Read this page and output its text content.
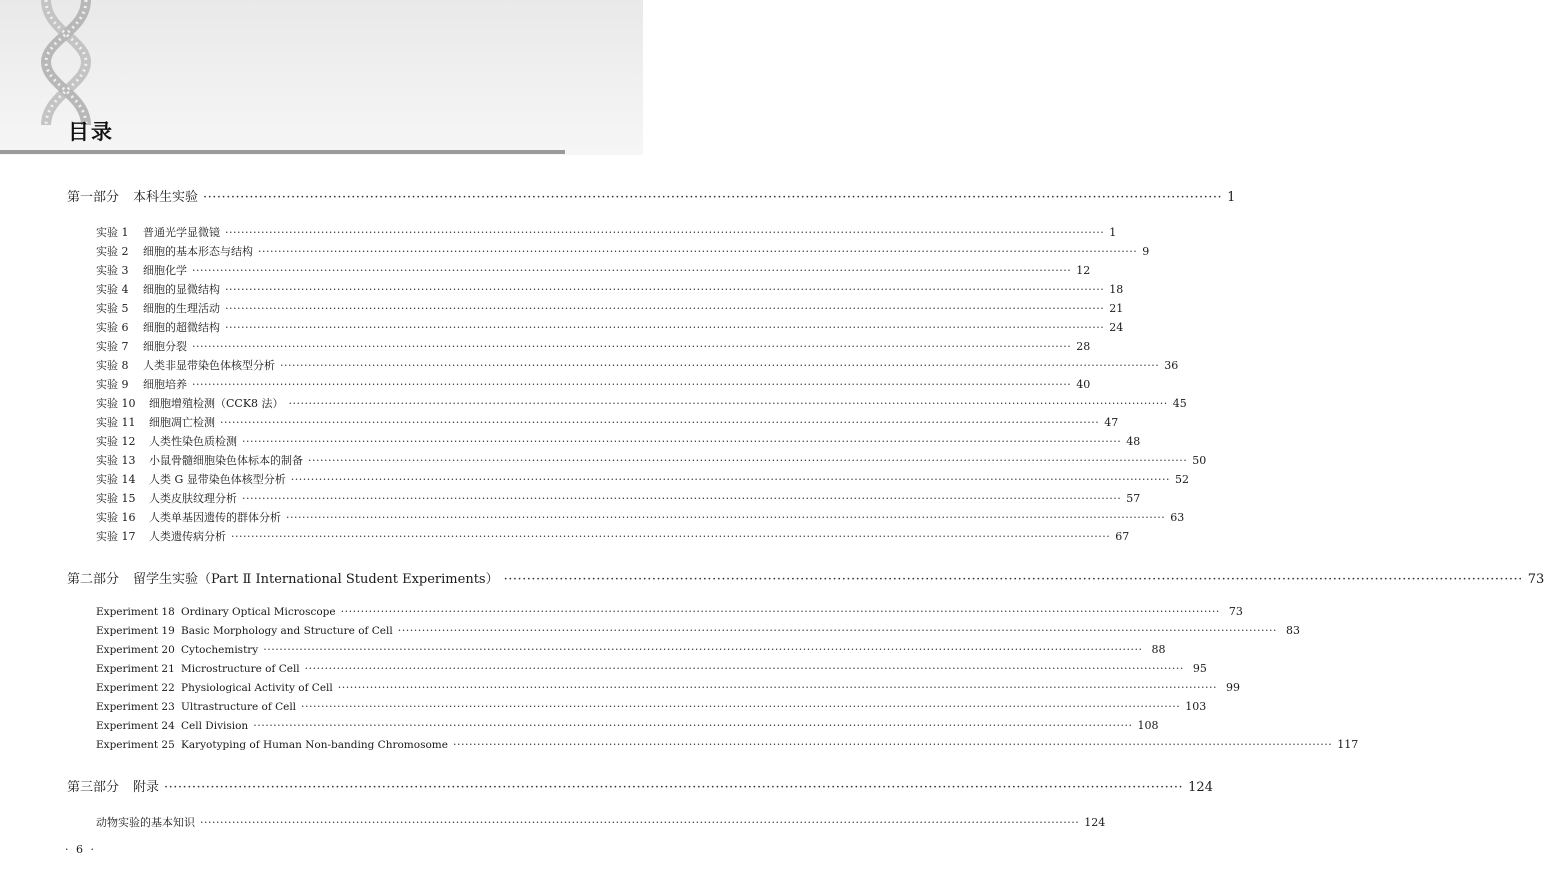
目录
第一部分 本科生实验 ···························································································································································································································· 1
第二部分 留学生实验（Part Ⅱ International Student Experiments） ···························································································································································································································· 73
第三部分 附录 ···························································································································································································································· 124
实验 1	普通光学显微镜 ···························································································································································································································· 1
实验 2	细胞的基本形态与结构 ···························································································································································································································· 9
实验 3	细胞化学 ···························································································································································································································· 12
实验 4	细胞的显微结构 ···························································································································································································································· 18
实验 5	细胞的生理活动 ···························································································································································································································· 21
实验 6	细胞的超微结构 ···························································································································································································································· 24
实验 7	细胞分裂 ···························································································································································································································· 28
实验 8	人类非显带染色体核型分析 ···························································································································································································································· 36
实验 9	细胞培养 ···························································································································································································································· 40
实验 10	细胞增殖检测（CCK8 法） ···························································································································································································································· 45
实验 11	细胞凋亡检测 ···························································································································································································································· 47
实验 12	人类性染色质检测 ···························································································································································································································· 48
实验 13	小鼠骨髓细胞染色体标本的制备 ···························································································································································································································· 50
实验 14	人类 G 显带染色体核型分析 ···························································································································································································································· 52
实验 15	人类皮肤纹理分析 ···························································································································································································································· 57
实验 16	人类单基因遗传的群体分析 ···························································································································································································································· 63
实验 17	人类遗传病分析 ···························································································································································································································· 67
Experiment 18 Ordinary Optical Microscope ···························································································································································································································· 73
Experiment 19 Basic Morphology and Structure of Cell ···························································································································································································································· 83
Experiment 20 Cytochemistry ···························································································································································································································· 88
Experiment 21 Microstructure of Cell ···························································································································································································································· 95
Experiment 22 Physiological Activity of Cell ···························································································································································································································· 99
Experiment 23 Ultrastructure of Cell ···························································································································································································································· 103
Experiment 24 Cell Division ···························································································································································································································· 108
Experiment 25 Karyotyping of Human Non-banding Chromosome ···························································································································································································································· 117
动物实验的基本知识 ···························································································································································································································· 124
· 6 ·
